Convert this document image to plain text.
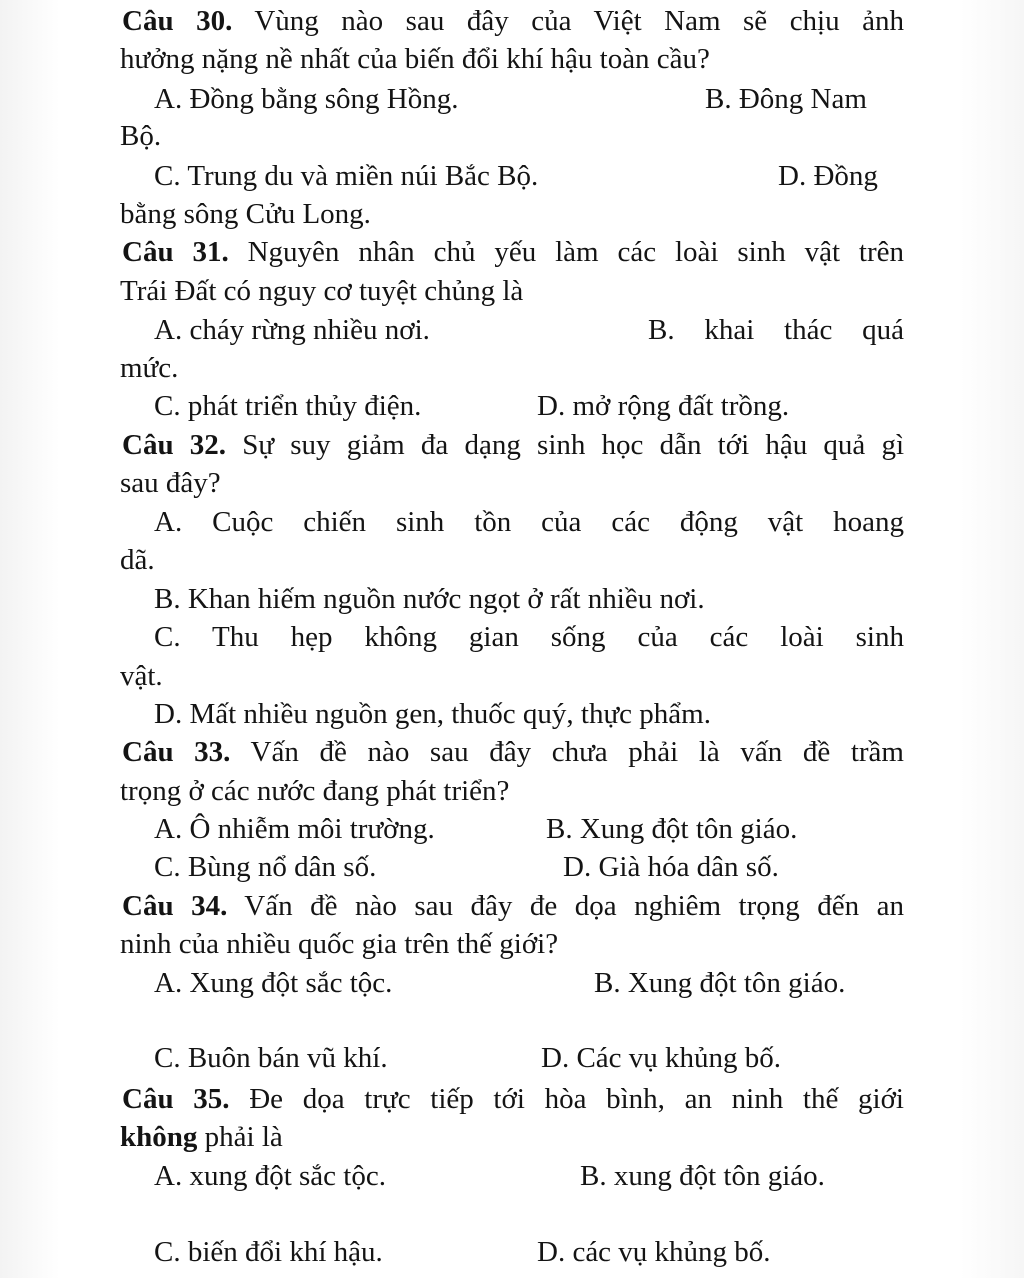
Câu 30. Vùng nào sau đây của Việt Nam sẽ chịu ảnh
hưởng nặng nề nhất của biến đổi khí hậu toàn cầu?
A. Đồng bằng sông Hồng.	B. Đông Nam
Bộ.
C. Trung du và miền núi Bắc Bộ.	D. Đồng
bằng sông Cửu Long.
Câu 31. Nguyên nhân chủ yếu làm các loài sinh vật trên
Trái Đất có nguy cơ tuyệt chủng là
A. cháy rừng nhiều nơi.	B. khai thác quá
mức.
C. phát triển thủy điện.	D. mở rộng đất trồng.
Câu 32. Sự suy giảm đa dạng sinh học dẫn tới hậu quả gì
sau đây?
A. Cuộc chiến sinh tồn của các động vật hoang
dã.
B. Khan hiếm nguồn nước ngọt ở rất nhiều nơi.
C. Thu hẹp không gian sống của các loài sinh
vật.
D. Mất nhiều nguồn gen, thuốc quý, thực phẩm.
Câu 33. Vấn đề nào sau đây chưa phải là vấn đề trầm
trọng ở các nước đang phát triển?
A. Ô nhiễm môi trường.	B. Xung đột tôn giáo.
C. Bùng nổ dân số.	D. Già hóa dân số.
Câu 34. Vấn đề nào sau đây đe dọa nghiêm trọng đến an
ninh của nhiều quốc gia trên thế giới?
A. Xung đột sắc tộc.	B. Xung đột tôn giáo.
C. Buôn bán vũ khí.	D. Các vụ khủng bố.
Câu 35. Đe dọa trực tiếp tới hòa bình, an ninh thế giới
không phải là
A. xung đột sắc tộc.	B. xung đột tôn giáo.
C. biến đổi khí hậu.	D. các vụ khủng bố.
